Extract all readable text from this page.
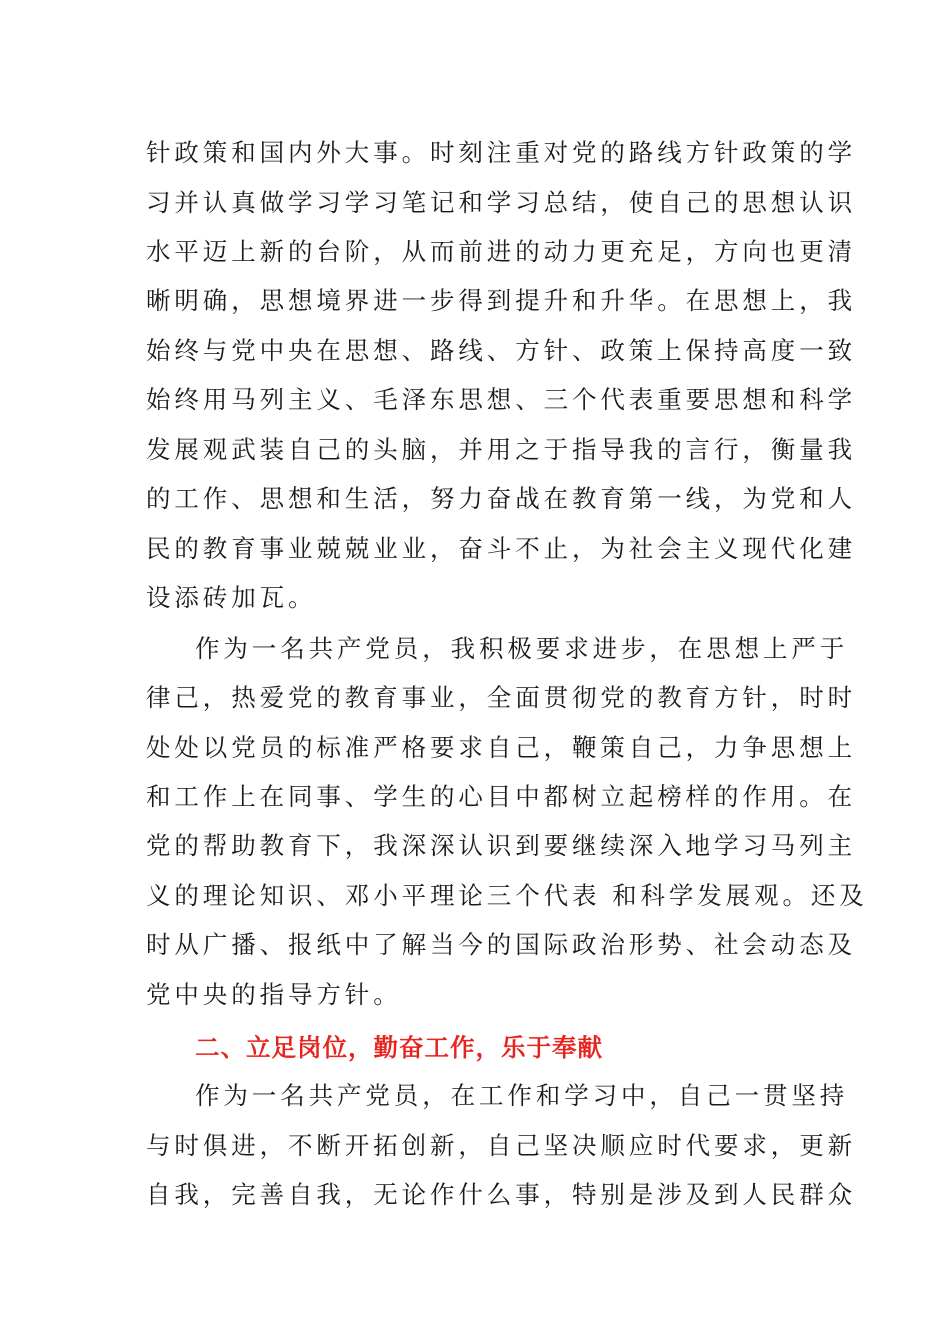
针政策和国内外大事。时刻注重对党的路线方针政策的学
习并认真做学习学习笔记和学习总结，使自己的思想认识
水平迈上新的台阶，从而前进的动力更充足，方向也更清
晰明确，思想境界进一步得到提升和升华。在思想上，我
始终与党中央在思想、路线、方针、政策上保持高度一致
始终用马列主义、毛泽东思想、三个代表重要思想和科学
发展观武装自己的头脑，并用之于指导我的言行，衡量我
的工作、思想和生活，努力奋战在教育第一线，为党和人
民的教育事业兢兢业业，奋斗不止，为社会主义现代化建
设添砖加瓦。
作为一名共产党员，我积极要求进步，在思想上严于
律己，热爱党的教育事业，全面贯彻党的教育方针，时时
处处以党员的标准严格要求自己，鞭策自己，力争思想上
和工作上在同事、学生的心目中都树立起榜样的作用。在
党的帮助教育下，我深深认识到要继续深入地学习马列主
义的理论知识、邓小平理论三个代表 和科学发展观。还及
时从广播、报纸中了解当今的国际政治形势、社会动态及
党中央的指导方针。
作为一名共产党员，在工作和学习中，自己一贯坚持
与时俱进，不断开拓创新，自己坚决顺应时代要求，更新
自我，完善自我，无论作什么事，特别是涉及到人民群众
二、立足岗位，勤奋工作，乐于奉献
